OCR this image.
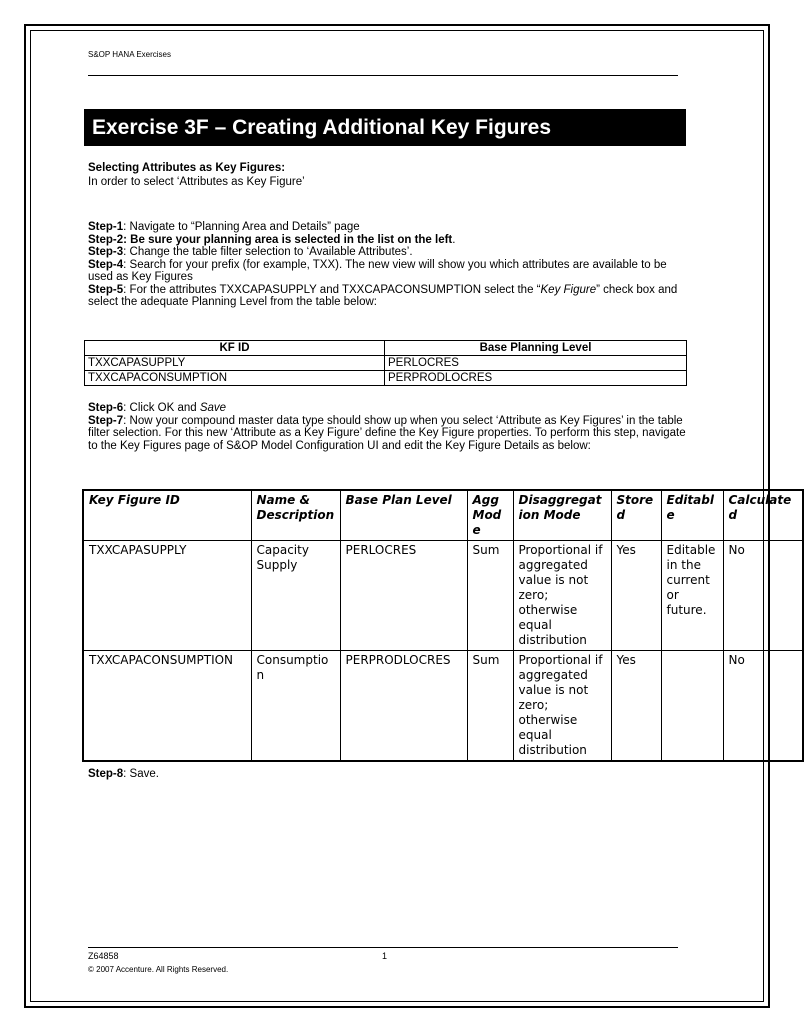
S&OP HANA Exercises
Exercise 3F – Creating Additional Key Figures
Selecting Attributes as Key Figures:
In order to select ‘Attributes as Key Figure’

Step-1: Navigate to “Planning Area and Details” page

Step-2: Be sure your planning area is selected in the list on the left.

Step-3: Change the table filter selection to ‘Available Attributes’.

Step-4: Search for your prefix (for example, TXX). The new view will show you which attributes are available to be used as Key Figures

Step-5: For the attributes TXXCAPASUPPLY and TXXCAPACONSUMPTION select the “Key Figure” check box and select the adequate Planning Level from the table below:

KF ID	Base Planning Level
TXXCAPASUPPLY	PERLOCRES
TXXCAPACONSUMPTION	PERPRODLOCRES

Step-6: Click OK and Save

Step-7: Now your compound master data type should show up when you select ‘Attribute as Key Figures’ in the table filter selection. For this new ‘Attribute as a Key Figure’ define the Key Figure properties. To perform this step, navigate to the Key Figures page of S&OP Model Configuration UI and edit the Key Figure Details as below:

Key Figure ID	Name & Description	Base Plan Level	Agg Mode	Disaggregation Mode	Stored	Editable	Calculated
TXXCAPASUPPLY	Capacity Supply	PERLOCRES	Sum	Proportional if aggregated value is not zero; otherwise equal distribution	Yes	Editable in the current or future.	No
TXXCAPACONSUMPTION	Consumption	PERPRODLOCRES	Sum	Proportional if aggregated value is not zero; otherwise equal distribution	Yes		No
Step-8: Save.
Z64858	1
© 2007 Accenture. All Rights Reserved.
